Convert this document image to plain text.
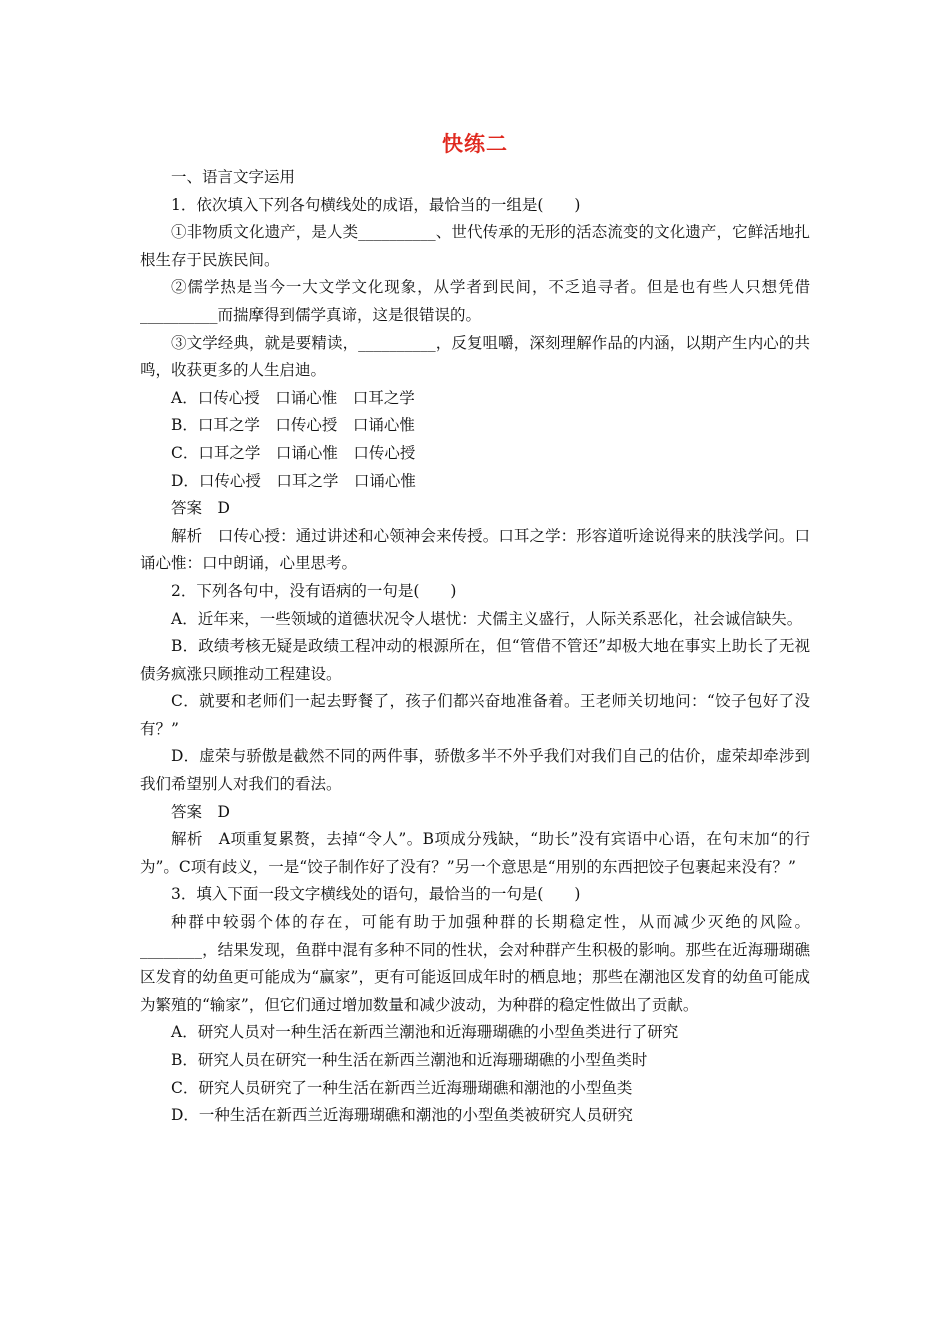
快练二

一、语言文字运用

1．依次填入下列各句横线处的成语，最恰当的一组是(　　)

①非物质文化遗产，是人类__________、世代传承的无形的活态流变的文化遗产，它鲜活地扎根生存于民族民间。

②儒学热是当今一大文学文化现象，从学者到民间，不乏追寻者。但是也有些人只想凭借__________而揣摩得到儒学真谛，这是很错误的。

③文学经典，就是要精读，__________，反复咀嚼，深刻理解作品的内涵，以期产生内心的共鸣，收获更多的人生启迪。

A．口传心授　口诵心惟　口耳之学

B．口耳之学　口传心授　口诵心惟

C．口耳之学　口诵心惟　口传心授

D．口传心授　口耳之学　口诵心惟

答案　D

解析　口传心授：通过讲述和心领神会来传授。口耳之学：形容道听途说得来的肤浅学问。口诵心惟：口中朗诵，心里思考。

2．下列各句中，没有语病的一句是(　　)

A．近年来，一些领域的道德状况令人堪忧：犬儒主义盛行，人际关系恶化，社会诚信缺失。

B．政绩考核无疑是政绩工程冲动的根源所在，但“管借不管还”却极大地在事实上助长了无视债务疯涨只顾推动工程建设。

C．就要和老师们一起去野餐了，孩子们都兴奋地准备着。王老师关切地问：“饺子包好了没有？”

D．虚荣与骄傲是截然不同的两件事，骄傲多半不外乎我们对我们自己的估价，虚荣却牵涉到我们希望别人对我们的看法。

答案　D

解析　A项重复累赘，去掉“令人”。B项成分残缺，“助长”没有宾语中心语，在句末加“的行为”。C项有歧义，一是“饺子制作好了没有？”另一个意思是“用别的东西把饺子包裹起来没有？”

3．填入下面一段文字横线处的语句，最恰当的一句是(　　)

种群中较弱个体的存在，可能有助于加强种群的长期稳定性，从而减少灭绝的风险。________，结果发现，鱼群中混有多种不同的性状，会对种群产生积极的影响。那些在近海珊瑚礁区发育的幼鱼更可能成为“赢家”，更有可能返回成年时的栖息地；那些在潮池区发育的幼鱼可能成为繁殖的“输家”，但它们通过增加数量和减少波动，为种群的稳定性做出了贡献。

A．研究人员对一种生活在新西兰潮池和近海珊瑚礁的小型鱼类进行了研究

B．研究人员在研究一种生活在新西兰潮池和近海珊瑚礁的小型鱼类时

C．研究人员研究了一种生活在新西兰近海珊瑚礁和潮池的小型鱼类

D．一种生活在新西兰近海珊瑚礁和潮池的小型鱼类被研究人员研究
